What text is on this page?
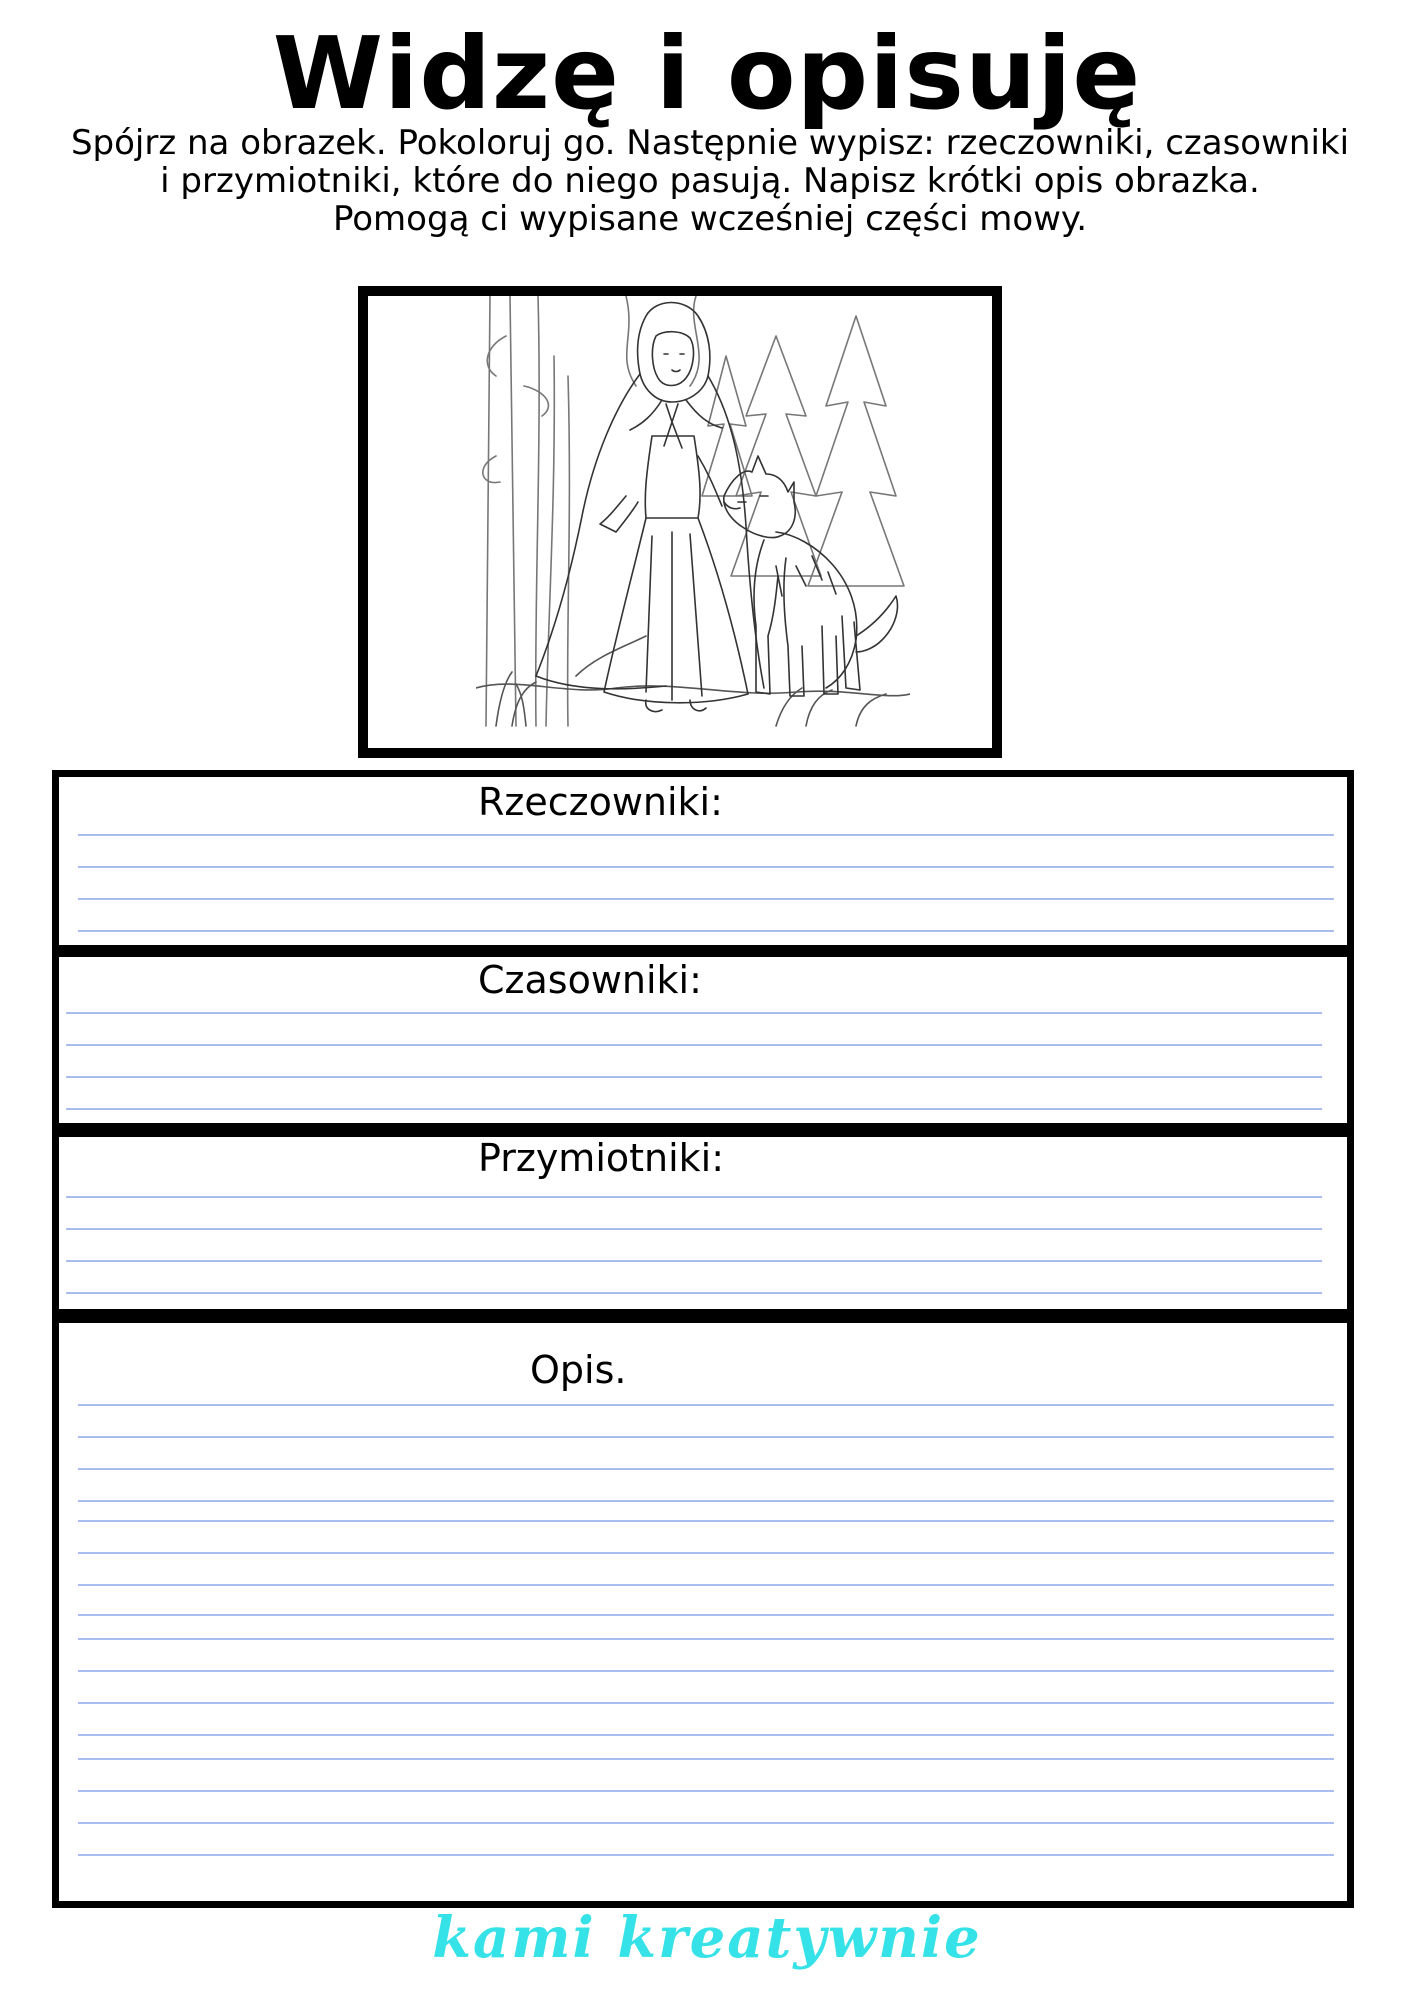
Widzę i opisuję
Spójrz na obrazek. Pokoloruj go. Następnie wypisz: rzeczowniki, czasowniki
i przymiotniki, które do niego pasują. Napisz krótki opis obrazka.
Pomogą ci wypisane wcześniej części mowy.
Rzeczowniki:
Czasowniki:
Przymiotniki:
Opis.
kami kreatywnie
